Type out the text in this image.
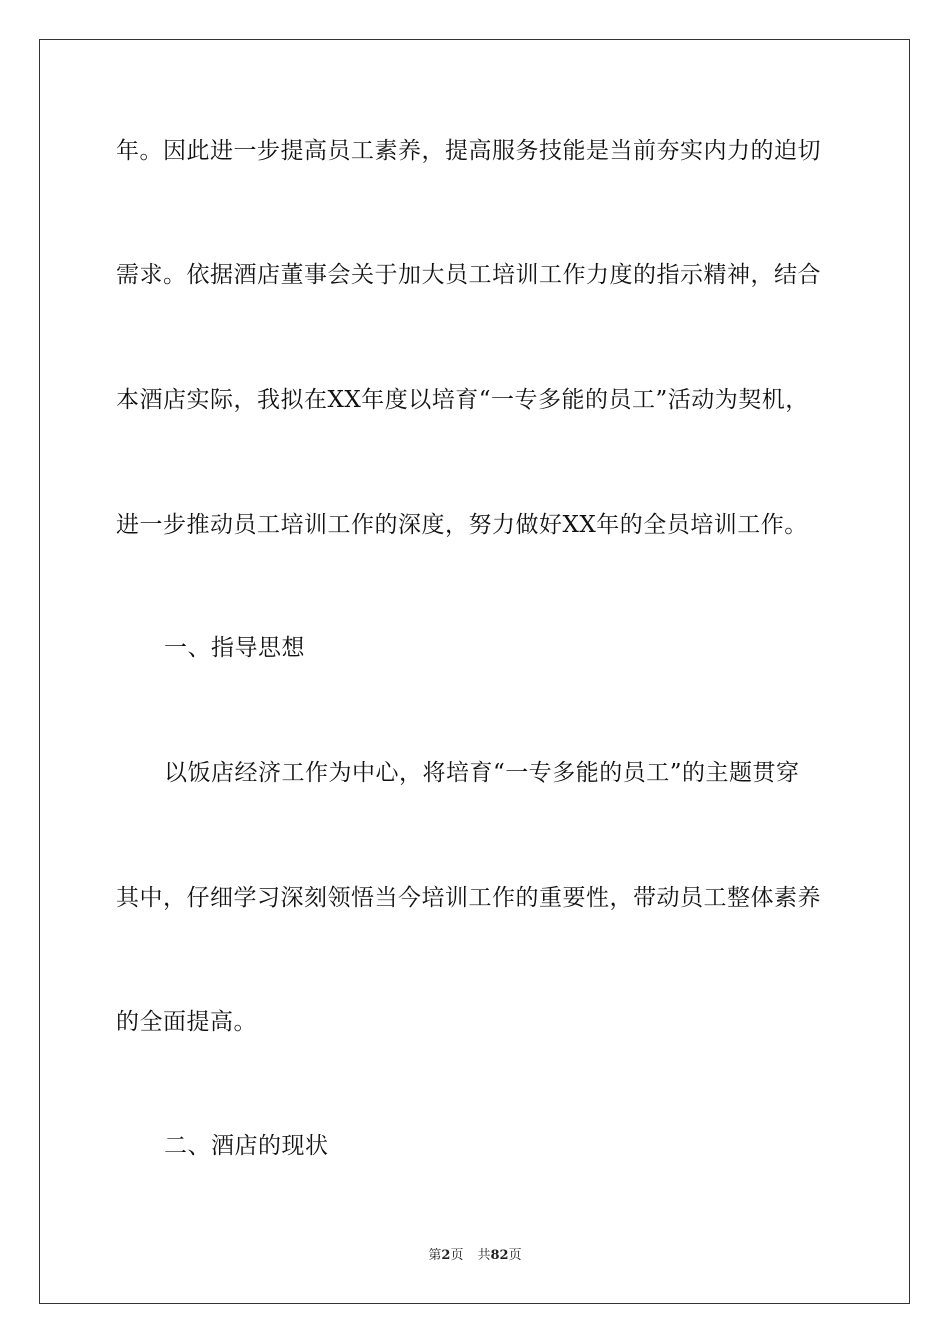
年。因此进一步提高员工素养，提高服务技能是当前夯实内力的迫切
需求。依据酒店董事会关于加大员工培训工作力度的指示精神，结合
本酒店实际，我拟在XX年度以培育“一专多能的员工”活动为契机，
进一步推动员工培训工作的深度，努力做好XX年的全员培训工作。
一、指导思想
以饭店经济工作为中心，将培育“一专多能的员工”的主题贯穿
其中，仔细学习深刻领悟当今培训工作的重要性，带动员工整体素养
的全面提高。
二、酒店的现状
第2页 共82页
